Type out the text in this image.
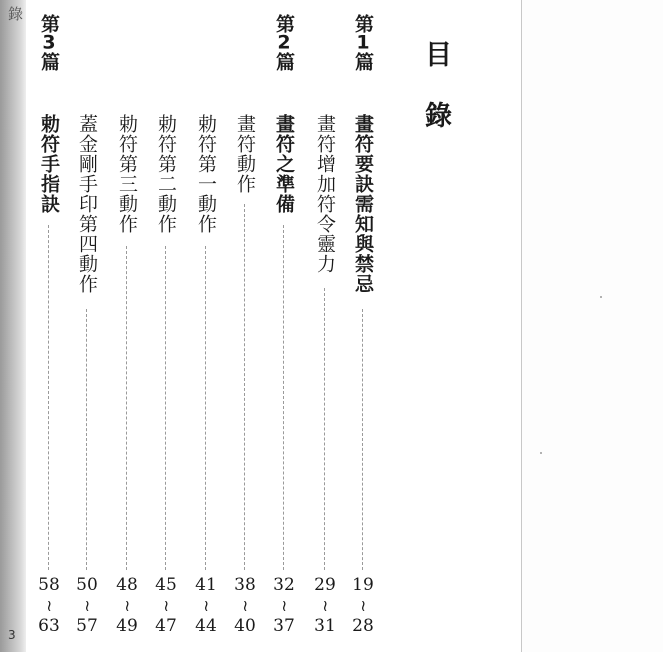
錄
3
目錄
第1篇
畫符要訣需知與禁忌
19
~
28
畫符增加符令靈力
29
~
31
第2篇
畫符之準備
32
~
37
畫符動作
38
~
40
勅符第一動作
41
~
44
勅符第二動作
45
~
47
勅符第三動作
48
~
49
蓋金剛手印第四動作
50
~
57
第3篇
勅符手指訣
58
~
63
